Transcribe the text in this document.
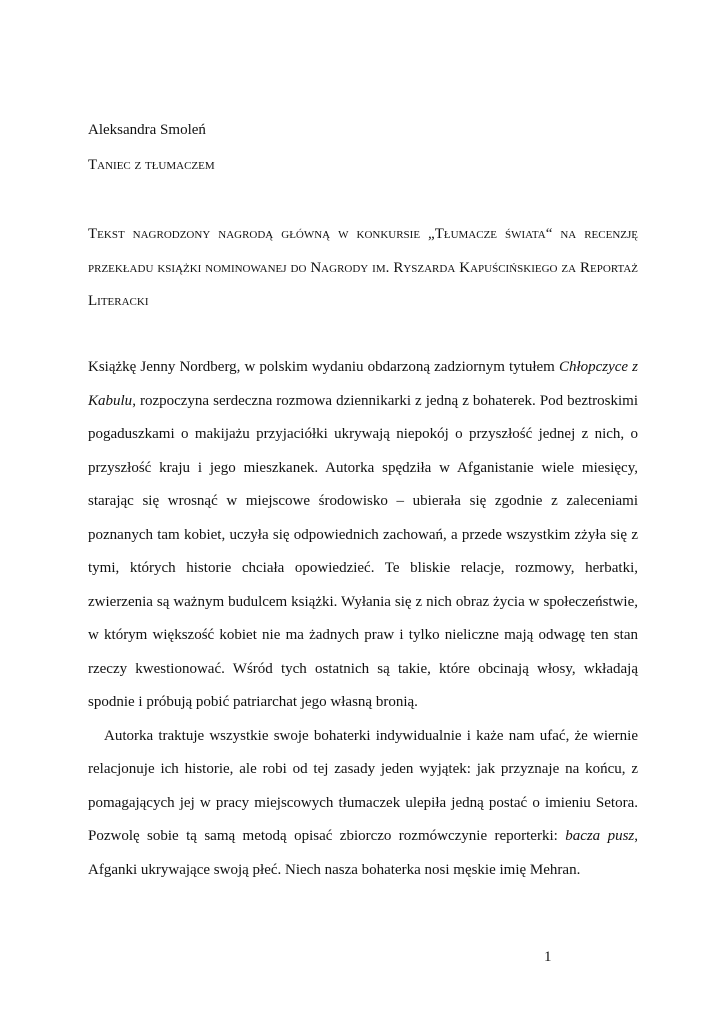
Aleksandra Smoleń
Taniec z tłumaczem
Tekst nagrodzony nagrodą główną w konkursie „Tłumacze świata“ na recenzję przekładu książki nominowanej do Nagrody im. Ryszarda Kapuścińskiego za Reportaż Literacki

Książkę Jenny Nordberg, w polskim wydaniu obdarzoną zadziornym tytułem Chłopczyce z Kabulu, rozpoczyna serdeczna rozmowa dziennikarki z jedną z bohaterek. Pod beztroskimi pogaduszkami o makijażu przyjaciółki ukrywają niepokój o przyszłość jednej z nich, o przyszłość kraju i jego mieszkanek. Autorka spędziła w Afganistanie wiele miesięcy, starając się wrosnąć w miejscowe środowisko – ubierała się zgodnie z zaleceniami poznanych tam kobiet, uczyła się odpowiednich zachowań, a przede wszystkim zżyła się z tymi, których historie chciała opowiedzieć. Te bliskie relacje, rozmowy, herbatki, zwierzenia są ważnym budulcem książki. Wyłania się z nich obraz życia w społeczeństwie, w którym większość kobiet nie ma żadnych praw i tylko nieliczne mają odwagę ten stan rzeczy kwestionować. Wśród tych ostatnich są takie, które obcinają włosy, wkładają spodnie i próbują pobić patriarchat jego własną bronią.

Autorka traktuje wszystkie swoje bohaterki indywidualnie i każe nam ufać, że wiernie relacjonuje ich historie, ale robi od tej zasady jeden wyjątek: jak przyznaje na końcu, z pomagających jej w pracy miejscowych tłumaczek ulepiła jedną postać o imieniu Setora. Pozwolę sobie tą samą metodą opisać zbiorczo rozmówczynie reporterki: bacza pusz, Afganki ukrywające swoją płeć. Niech nasza bohaterka nosi męskie imię Mehran.

1
